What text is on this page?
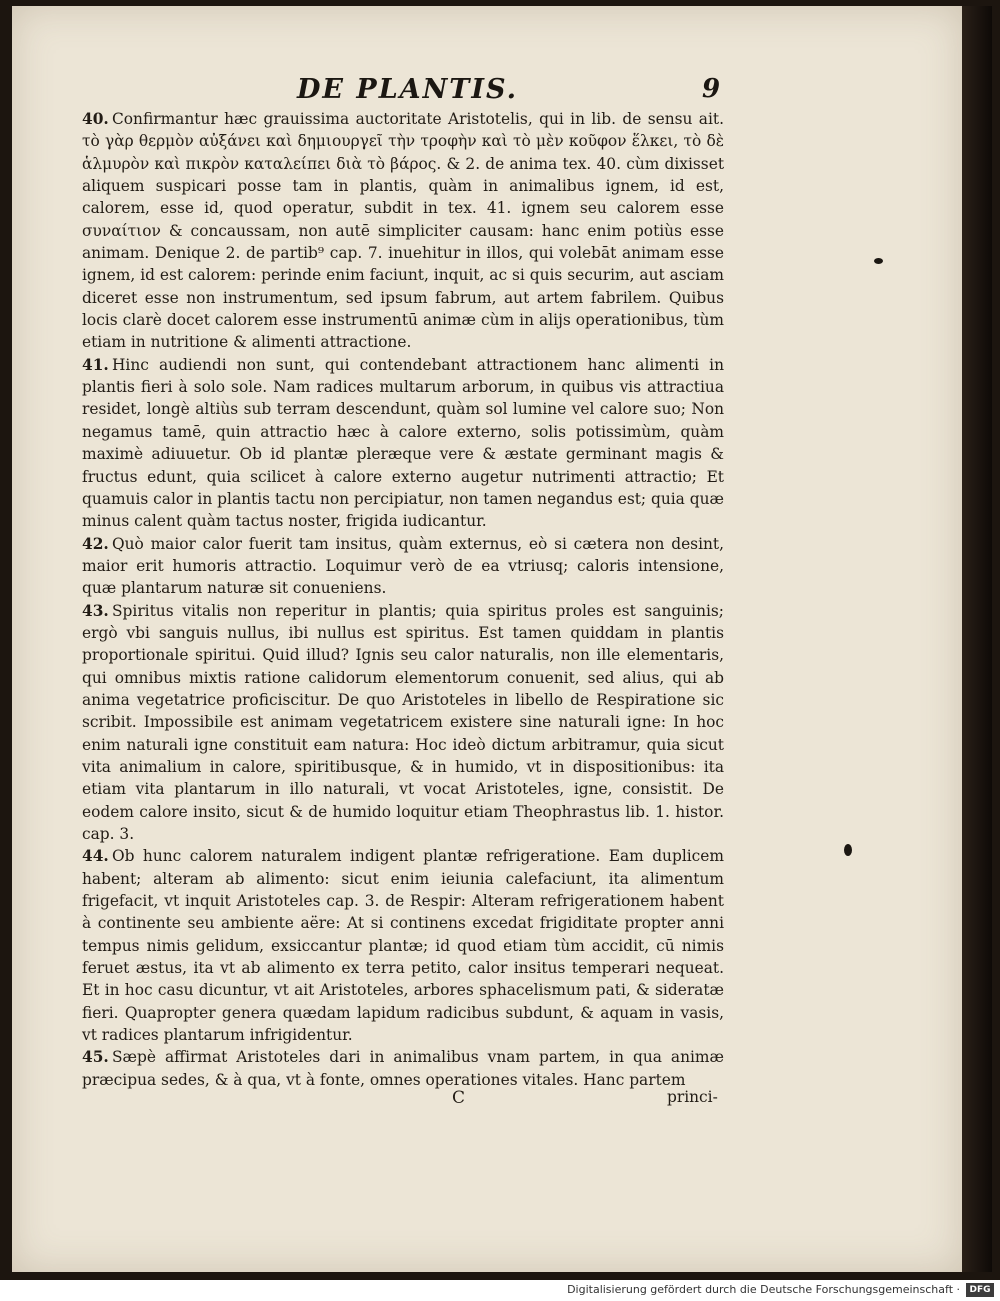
DE PLANTIS.	9

40. Confirmantur hæc grauissima auctoritate Aristotelis, qui in lib. de sensu ait. τὸ γὰρ θερμὸν αὐξάνει καὶ δημιουργεῖ τὴν τροφὴν καὶ τὸ μὲν κοῦφον ἕλκει, τὸ δὲ ἁλμυρὸν καὶ πικρὸν καταλείπει διὰ τὸ βάρος. & 2. de anima tex. 40. cùm dixisset aliquem suspicari posse tam in plantis, quàm in animalibus ignem, id est, calorem, esse id, quod operatur, subdit in tex. 41. ignem seu calorem esse συναίτιον & concaussam, non autē simpliciter causam: hanc enim potiùs esse animam. Denique 2. de partib⁹ cap. 7. inuehitur in illos, qui volebāt animam esse ignem, id est calorem: perinde enim faciunt, inquit, ac si quis securim, aut asciam diceret esse non instrumentum, sed ipsum fabrum, aut artem fabrilem. Quibus locis clarè docet calorem esse instrumentū animæ cùm in alijs operationibus, tùm etiam in nutritione & alimenti attractione.

41. Hinc audiendi non sunt, qui contendebant attractionem hanc alimenti in plantis fieri à solo sole. Nam radices multarum arborum, in quibus vis attractiua residet, longè altiùs sub terram descendunt, quàm sol lumine vel calore suo; Non negamus tamē, quin attractio hæc à calore externo, solis potissimùm, quàm maximè adiuuetur. Ob id plantæ pleræque vere & æstate germinant magis & fructus edunt, quia scilicet à calore externo augetur nutrimenti attractio; Et quamuis calor in plantis tactu non percipiatur, non tamen negandus est; quia quæ minus calent quàm tactus noster, frigida iudicantur.

42. Quò maior calor fuerit tam insitus, quàm externus, eò si cætera non desint, maior erit humoris attractio. Loquimur verò de ea vtriusq; caloris intensione, quæ plantarum naturæ sit conueniens.

43. Spiritus vitalis non reperitur in plantis; quia spiritus proles est sanguinis; ergò vbi sanguis nullus, ibi nullus est spiritus. Est tamen quiddam in plantis proportionale spiritui. Quid illud? Ignis seu calor naturalis, non ille elementaris, qui omnibus mixtis ratione calidorum elementorum conuenit, sed alius, qui ab anima vegetatrice proficiscitur. De quo Aristoteles in libello de Respiratione sic scribit. Impossibile est animam vegetatricem existere sine naturali igne: In hoc enim naturali igne constituit eam natura: Hoc ideò dictum arbitramur, quia sicut vita animalium in calore, spiritibusque, & in humido, vt in dispositionibus: ita etiam vita plantarum in illo naturali, vt vocat Aristoteles, igne, consistit. De eodem calore insito, sicut & de humido loquitur etiam Theophrastus lib. 1. histor. cap. 3.

44. Ob hunc calorem naturalem indigent plantæ refrigeratione. Eam duplicem habent; alteram ab alimento: sicut enim ieiunia calefaciunt, ita alimentum frigefacit, vt inquit Aristoteles cap. 3. de Respir: Alteram refrigerationem habent à continente seu ambiente aëre: At si continens excedat frigiditate propter anni tempus nimis gelidum, exsiccantur plantæ; id quod etiam tùm accidit, cū nimis feruet æstus, ita vt ab alimento ex terra petito, calor insitus temperari nequeat. Et in hoc casu dicuntur, vt ait Aristoteles, arbores sphacelismum pati, & sideratæ fieri. Quapropter genera quædam lapidum radicibus subdunt, & aquam in vasis, vt radices plantarum infrigidentur.

45. Sæpè affirmat Aristoteles dari in animalibus vnam partem, in qua animæ præcipua sedes, & à qua, vt à fonte, omnes operationes vitales. Hanc partem

C	princi-
Digitalisierung gefördert durch die Deutsche Forschungsgemeinschaft ·	DFG
